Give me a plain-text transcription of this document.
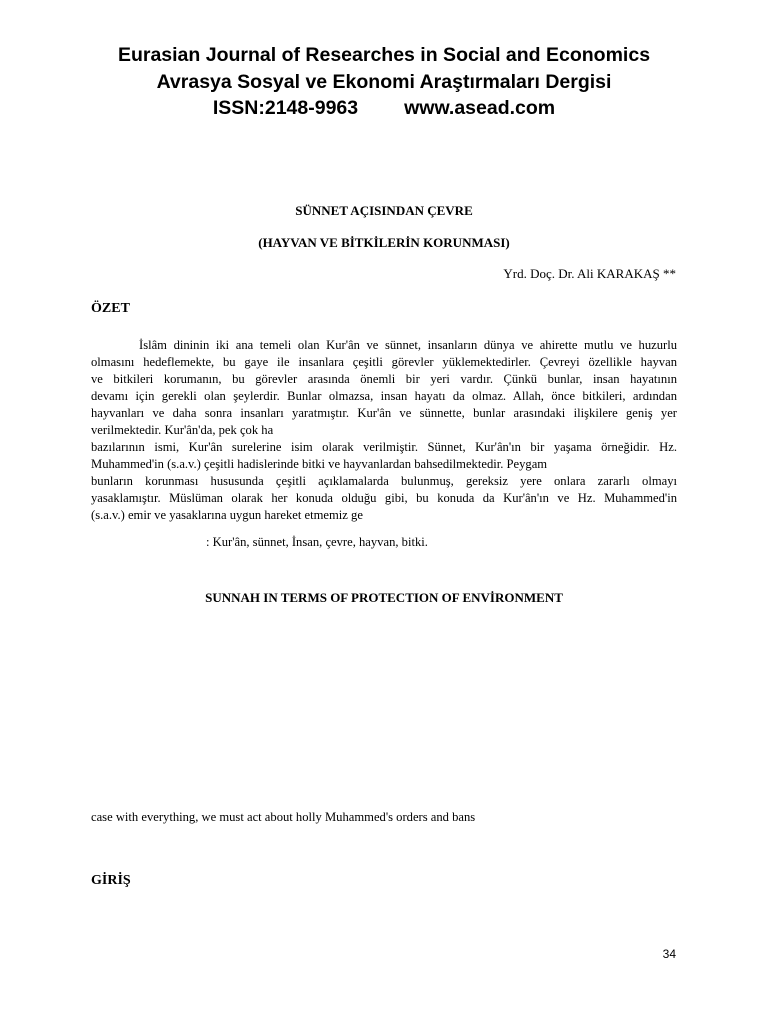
Eurasian Journal of Researches in Social and Economics
Avrasya Sosyal ve Ekonomi Araştırmaları Dergisi
ISSN:2148-9963 www.asead.com
SÜNNET AÇISINDAN ÇEVRE
(HAYVAN VE BİTKİLERİN KORUNMASI)
Yrd. Doç. Dr. Ali KARAKAŞ **
ÖZET
İslâm dininin iki ana temeli olan Kur'ân ve sünnet, insanların dünya ve ahirette mutlu ve huzurlu
olmasını hedeflemekte, bu gaye ile insanlara çeşitli görevler yüklemektedirler. Çevreyi özellikle hayvan
ve bitkileri korumanın, bu görevler arasında önemli bir yeri vardır. Çünkü bunlar, insan hayatının
devamı için gerekli olan şeylerdir. Bunlar olmazsa, insan hayatı da olmaz. Allah, önce bitkileri, ardından
hayvanları ve daha sonra insanları yaratmıştır. Kur'ân ve sünnette, bunlar arasındaki ilişkilere geniş yer
verilmektedir. Kur'ân'da, pek çok ha
bazılarının ismi, Kur'ân surelerine isim olarak verilmiştir. Sünnet, Kur'ân'ın bir yaşama örneğidir. Hz.
Muhammed'in (s.a.v.) çeşitli hadislerinde bitki ve hayvanlardan bahsedilmektedir. Peygam
bunların korunması hususunda çeşitli açıklamalarda bulunmuş, gereksiz yere onlara zararlı olmayı
yasaklamıştır. Müslüman olarak her konuda olduğu gibi, bu konuda da Kur'ân'ın ve Hz. Muhammed'in
(s.a.v.) emir ve yasaklarına uygun hareket etmemiz ge
: Kur'ân, sünnet, İnsan, çevre, hayvan, bitki.
SUNNAH IN TERMS OF PROTECTION OF ENVİRONMENT
case with everything, we must act about holly Muhammed's orders and bans
GİRİŞ
34
